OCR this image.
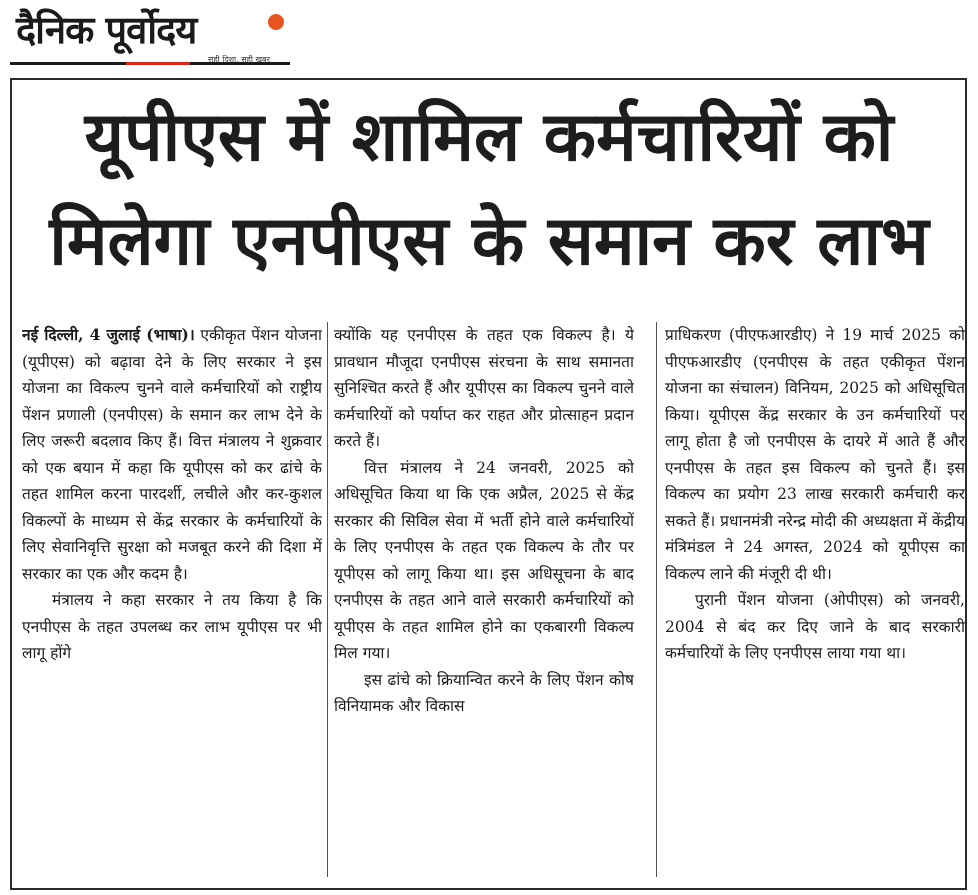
दैनिक पूर्वोदय
सही दिशा, सही खबर
यूपीएस में शामिल कर्मचारियों को
मिलेगा एनपीएस के समान कर लाभ

नई दिल्ली, 4 जुलाई (भाषा)। एकीकृत पेंशन योजना (यूपीएस) को बढ़ावा देने के लिए सरकार ने इस योजना का विकल्प चुनने वाले कर्मचारियों को राष्ट्रीय पेंशन प्रणाली (एनपीएस) के समान कर लाभ देने के लिए जरूरी बदलाव किए हैं। वित्त मंत्रालय ने शुक्रवार को एक बयान में कहा कि यूपीएस को कर ढांचे के तहत शामिल करना पारदर्शी, लचीले और कर-कुशल विकल्पों के माध्यम से केंद्र सरकार के कर्मचारियों के लिए सेवानिवृत्ति सुरक्षा को मजबूत करने की दिशा में सरकार का एक और कदम है।

मंत्रालय ने कहा सरकार ने तय किया है कि एनपीएस के तहत उपलब्ध कर लाभ यूपीएस पर भी लागू होंगे

क्योंकि यह एनपीएस के तहत एक विकल्प है। ये प्रावधान मौजूदा एनपीएस संरचना के साथ समानता सुनिश्चित करते हैं और यूपीएस का विकल्प चुनने वाले कर्मचारियों को पर्याप्त कर राहत और प्रोत्साहन प्रदान करते हैं।

वित्त मंत्रालय ने 24 जनवरी, 2025 को अधिसूचित किया था कि एक अप्रैल, 2025 से केंद्र सरकार की सिविल सेवा में भर्ती होने वाले कर्मचारियों के लिए एनपीएस के तहत एक विकल्प के तौर पर यूपीएस को लागू किया था। इस अधिसूचना के बाद एनपीएस के तहत आने वाले सरकारी कर्मचारियों को यूपीएस के तहत शामिल होने का एकबारगी विकल्प मिल गया।

इस ढांचे को क्रियान्वित करने के लिए पेंशन कोष विनियामक और विकास

प्राधिकरण (पीएफआरडीए) ने 19 मार्च 2025 को पीएफआरडीए (एनपीएस के तहत एकीकृत पेंशन योजना का संचालन) विनियम, 2025 को अधिसूचित किया। यूपीएस केंद्र सरकार के उन कर्मचारियों पर लागू होता है जो एनपीएस के दायरे में आते हैं और एनपीएस के तहत इस विकल्प को चुनते हैं। इस विकल्प का प्रयोग 23 लाख सरकारी कर्मचारी कर सकते हैं। प्रधानमंत्री नरेन्द्र मोदी की अध्यक्षता में केंद्रीय मंत्रिमंडल ने 24 अगस्त, 2024 को यूपीएस का विकल्प लाने की मंजूरी दी थी।

पुरानी पेंशन योजना (ओपीएस) को जनवरी, 2004 से बंद कर दिए जाने के बाद सरकारी कर्मचारियों के लिए एनपीएस लाया गया था।
